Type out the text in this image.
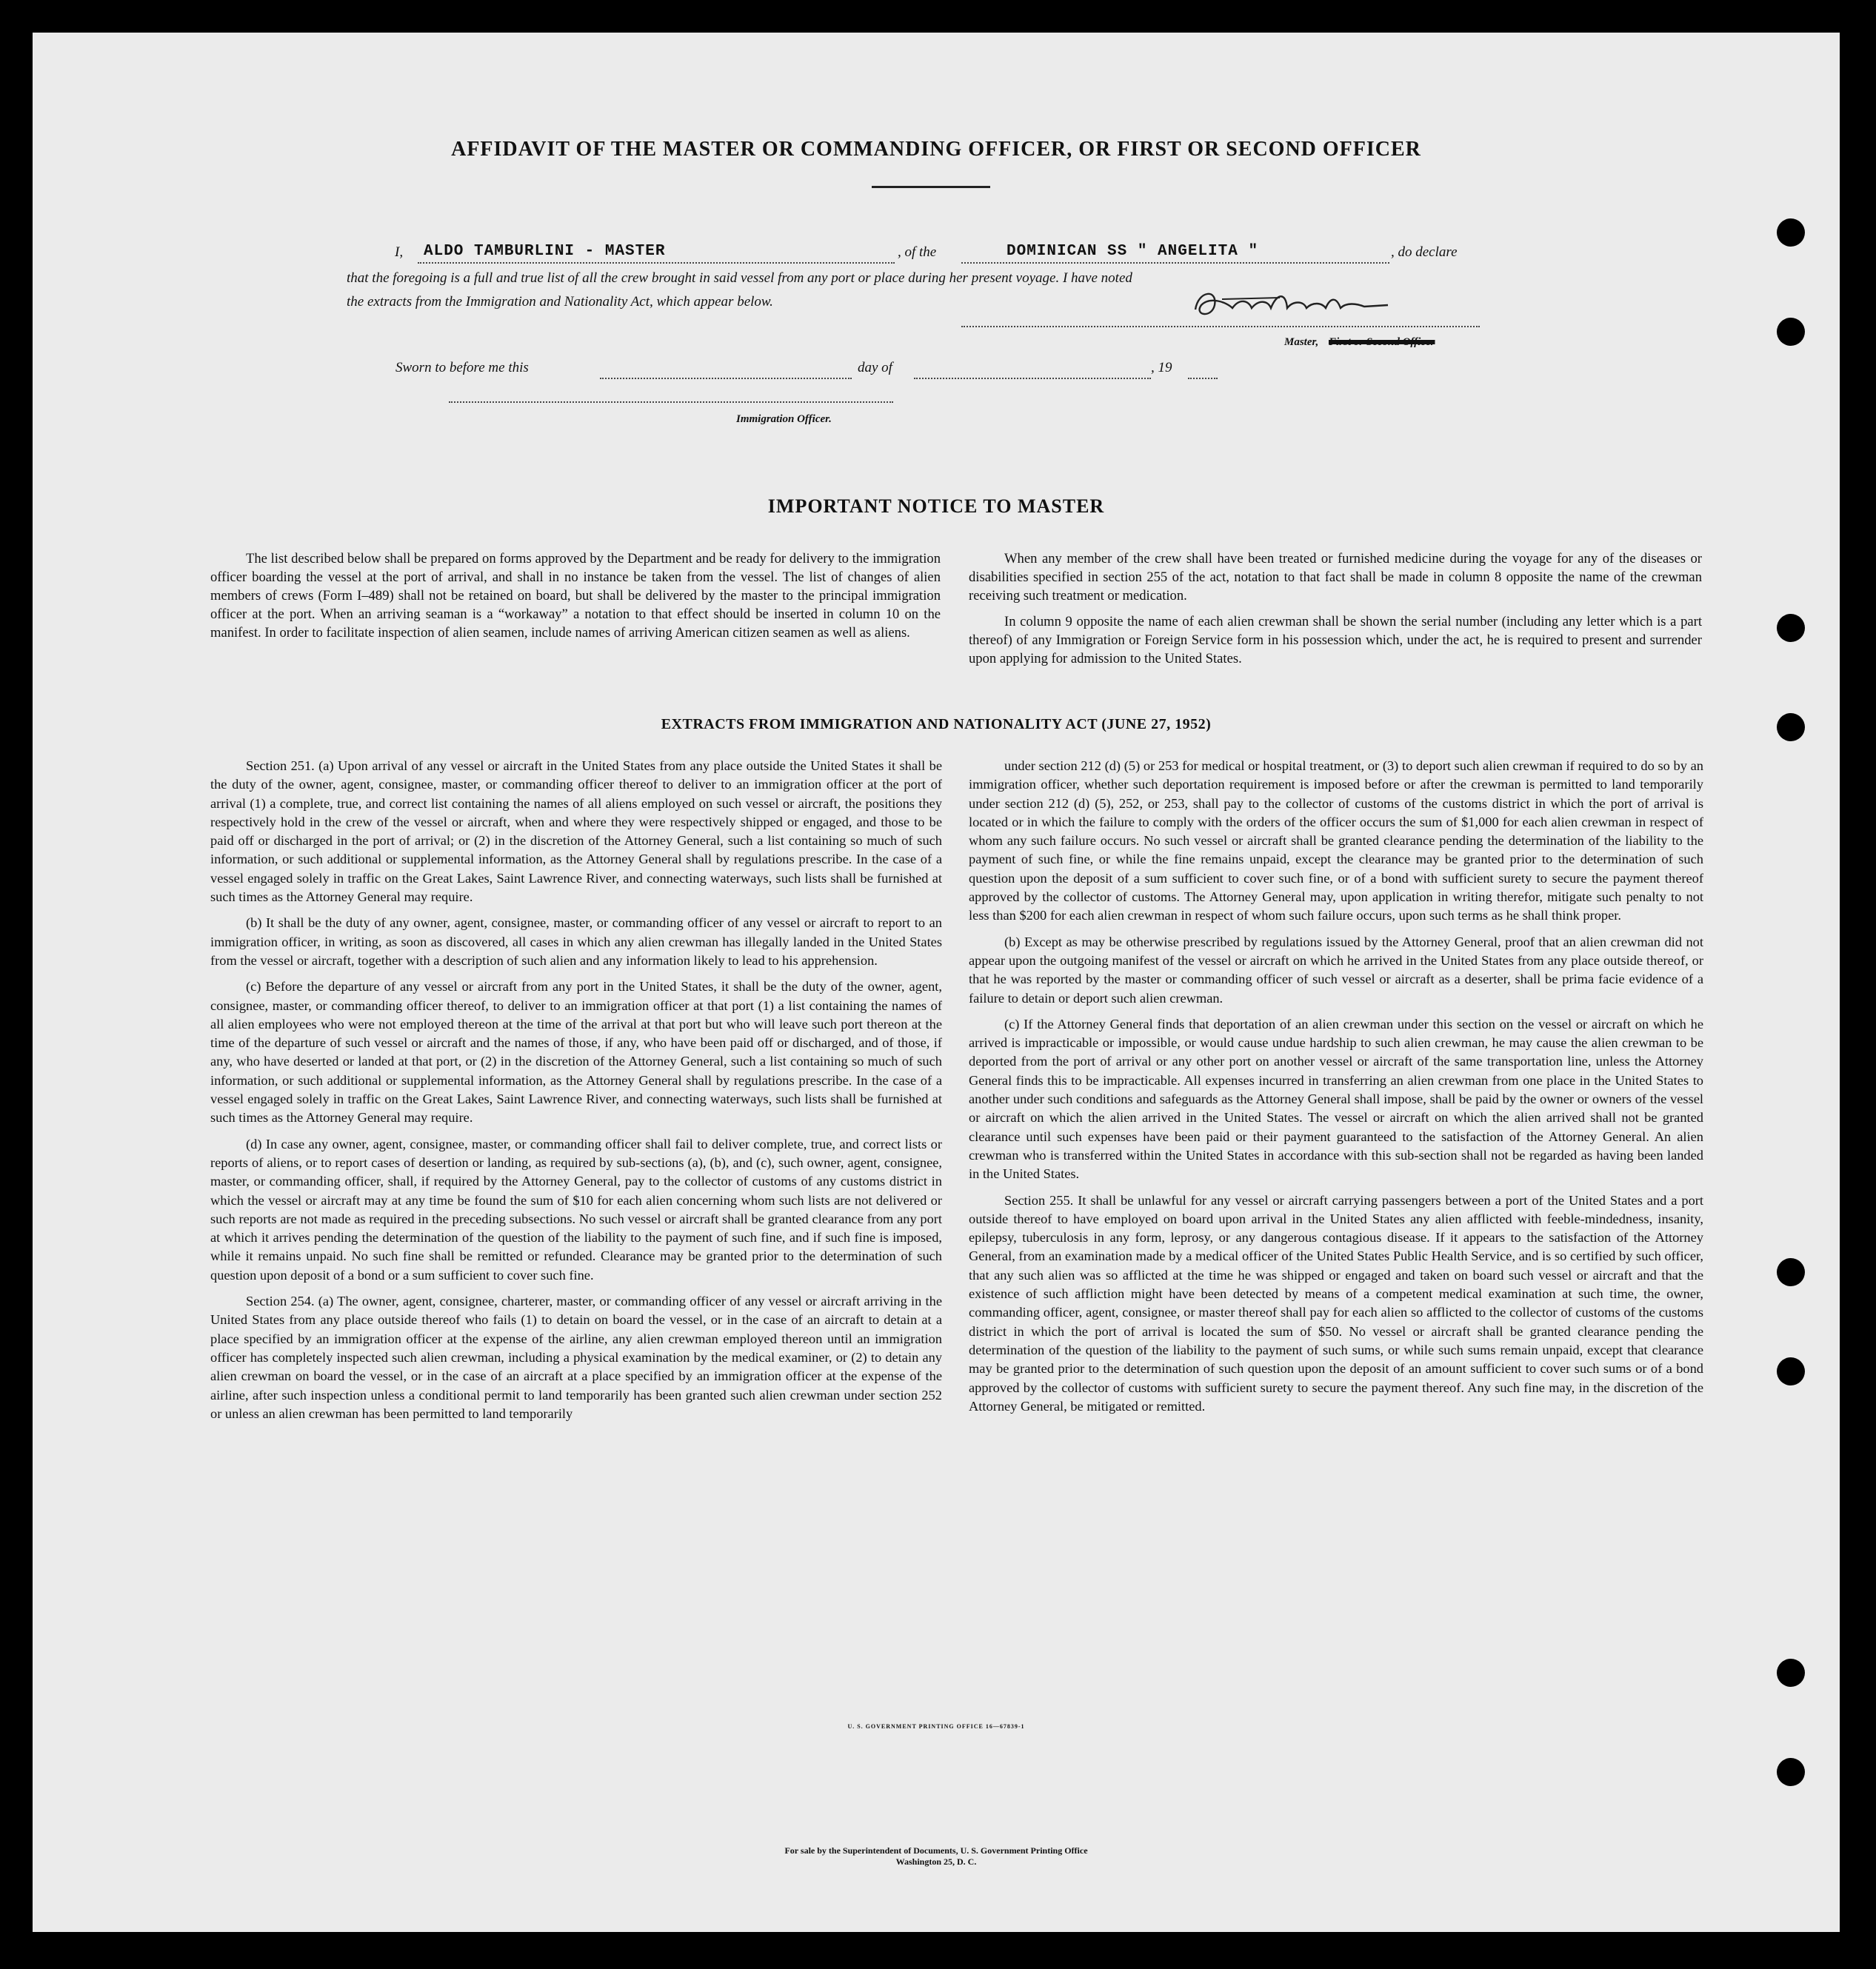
AFFIDAVIT OF THE MASTER OR COMMANDING OFFICER, OR FIRST OR SECOND OFFICER
I, ALDO TAMBURLINI - MASTER	, of the	DOMINICAN SS " ANGELITA "	, do declare
that the foregoing is a full and true list of all the crew brought in said vessel from any port or place during her present voyage. I have noted
the extracts from the Immigration and Nationality Act, which appear below.
Master, First or Second Officer
Sworn to before me this	day of	, 19
Immigration Officer.
IMPORTANT NOTICE TO MASTER

The list described below shall be prepared on forms approved by the Department and be ready for delivery to the immigration officer boarding the vessel at the port of arrival, and shall in no instance be taken from the vessel. The list of changes of alien members of crews (Form I–489) shall not be retained on board, but shall be delivered by the master to the principal immigration officer at the port. When an arriving seaman is a “workaway” a notation to that effect should be inserted in column 10 on the manifest. In order to facilitate inspection of alien seamen, include names of arriving American citizen seamen as well as aliens.

When any member of the crew shall have been treated or furnished medicine during the voyage for any of the diseases or disabilities specified in section 255 of the act, notation to that fact shall be made in column 8 opposite the name of the crewman receiving such treatment or medication.

In column 9 opposite the name of each alien crewman shall be shown the serial number (including any letter which is a part thereof) of any Immigration or Foreign Service form in his possession which, under the act, he is required to present and surrender upon applying for admission to the United States.

EXTRACTS FROM IMMIGRATION AND NATIONALITY ACT (JUNE 27, 1952)

Section 251. (a) Upon arrival of any vessel or aircraft in the United States from any place outside the United States it shall be the duty of the owner, agent, consignee, master, or commanding officer thereof to deliver to an immigration officer at the port of arrival (1) a complete, true, and correct list containing the names of all aliens employed on such vessel or aircraft, the positions they respectively hold in the crew of the vessel or aircraft, when and where they were respectively shipped or engaged, and those to be paid off or discharged in the port of arrival; or (2) in the discretion of the Attorney General, such a list containing so much of such information, or such additional or supplemental information, as the Attorney General shall by regulations prescribe. In the case of a vessel engaged solely in traffic on the Great Lakes, Saint Lawrence River, and connecting waterways, such lists shall be furnished at such times as the Attorney General may require.

(b) It shall be the duty of any owner, agent, consignee, master, or commanding officer of any vessel or aircraft to report to an immigration officer, in writing, as soon as discovered, all cases in which any alien crewman has illegally landed in the United States from the vessel or aircraft, together with a description of such alien and any information likely to lead to his apprehension.

(c) Before the departure of any vessel or aircraft from any port in the United States, it shall be the duty of the owner, agent, consignee, master, or commanding officer thereof, to deliver to an immigration officer at that port (1) a list containing the names of all alien employees who were not employed thereon at the time of the arrival at that port but who will leave such port thereon at the time of the departure of such vessel or aircraft and the names of those, if any, who have been paid off or discharged, and of those, if any, who have deserted or landed at that port, or (2) in the discretion of the Attorney General, such a list containing so much of such information, or such additional or supplemental information, as the Attorney General shall by regulations prescribe. In the case of a vessel engaged solely in traffic on the Great Lakes, Saint Lawrence River, and connecting waterways, such lists shall be furnished at such times as the Attorney General may require.

(d) In case any owner, agent, consignee, master, or commanding officer shall fail to deliver complete, true, and correct lists or reports of aliens, or to report cases of desertion or landing, as required by sub-sections (a), (b), and (c), such owner, agent, consignee, master, or commanding officer, shall, if required by the Attorney General, pay to the collector of customs of any customs district in which the vessel or aircraft may at any time be found the sum of $10 for each alien concerning whom such lists are not delivered or such reports are not made as required in the preceding subsections. No such vessel or aircraft shall be granted clearance from any port at which it arrives pending the determination of the question of the liability to the payment of such fine, and if such fine is imposed, while it remains unpaid. No such fine shall be remitted or refunded. Clearance may be granted prior to the determination of such question upon deposit of a bond or a sum sufficient to cover such fine.

Section 254. (a) The owner, agent, consignee, charterer, master, or commanding officer of any vessel or aircraft arriving in the United States from any place outside thereof who fails (1) to detain on board the vessel, or in the case of an aircraft to detain at a place specified by an immigration officer at the expense of the airline, any alien crewman employed thereon until an immigration officer has completely inspected such alien crewman, including a physical examination by the medical examiner, or (2) to detain any alien crewman on board the vessel, or in the case of an aircraft at a place specified by an immigration officer at the expense of the airline, after such inspection unless a conditional permit to land temporarily has been granted such alien crewman under section 252 or unless an alien crewman has been permitted to land temporarily

under section 212 (d) (5) or 253 for medical or hospital treatment, or (3) to deport such alien crewman if required to do so by an immigration officer, whether such deportation requirement is imposed before or after the crewman is permitted to land temporarily under section 212 (d) (5), 252, or 253, shall pay to the collector of customs of the customs district in which the port of arrival is located or in which the failure to comply with the orders of the officer occurs the sum of $1,000 for each alien crewman in respect of whom any such failure occurs. No such vessel or aircraft shall be granted clearance pending the determination of the liability to the payment of such fine, or while the fine remains unpaid, except the clearance may be granted prior to the determination of such question upon the deposit of a sum sufficient to cover such fine, or of a bond with sufficient surety to secure the payment thereof approved by the collector of customs. The Attorney General may, upon application in writing therefor, mitigate such penalty to not less than $200 for each alien crewman in respect of whom such failure occurs, upon such terms as he shall think proper.

(b) Except as may be otherwise prescribed by regulations issued by the Attorney General, proof that an alien crewman did not appear upon the outgoing manifest of the vessel or aircraft on which he arrived in the United States from any place outside thereof, or that he was reported by the master or commanding officer of such vessel or aircraft as a deserter, shall be prima facie evidence of a failure to detain or deport such alien crewman.

(c) If the Attorney General finds that deportation of an alien crewman under this section on the vessel or aircraft on which he arrived is impracticable or impossible, or would cause undue hardship to such alien crewman, he may cause the alien crewman to be deported from the port of arrival or any other port on another vessel or aircraft of the same transportation line, unless the Attorney General finds this to be impracticable. All expenses incurred in transferring an alien crewman from one place in the United States to another under such conditions and safeguards as the Attorney General shall impose, shall be paid by the owner or owners of the vessel or aircraft on which the alien arrived in the United States. The vessel or aircraft on which the alien arrived shall not be granted clearance until such expenses have been paid or their payment guaranteed to the satisfaction of the Attorney General. An alien crewman who is transferred within the United States in accordance with this sub-section shall not be regarded as having been landed in the United States.

Section 255. It shall be unlawful for any vessel or aircraft carrying passengers between a port of the United States and a port outside thereof to have employed on board upon arrival in the United States any alien afflicted with feeble-mindedness, insanity, epilepsy, tuberculosis in any form, leprosy, or any dangerous contagious disease. If it appears to the satisfaction of the Attorney General, from an examination made by a medical officer of the United States Public Health Service, and is so certified by such officer, that any such alien was so afflicted at the time he was shipped or engaged and taken on board such vessel or aircraft and that the existence of such affliction might have been detected by means of a competent medical examination at such time, the owner, commanding officer, agent, consignee, or master thereof shall pay for each alien so afflicted to the collector of customs of the customs district in which the port of arrival is located the sum of $50. No vessel or aircraft shall be granted clearance pending the determination of the question of the liability to the payment of such sums, or while such sums remain unpaid, except that clearance may be granted prior to the determination of such question upon the deposit of an amount sufficient to cover such sums or of a bond approved by the collector of customs with sufficient surety to secure the payment thereof. Any such fine may, in the discretion of the Attorney General, be mitigated or remitted.

U. S. GOVERNMENT PRINTING OFFICE 16—67839-1
For sale by the Superintendent of Documents, U. S. Government Printing Office
Washington 25, D. C.
